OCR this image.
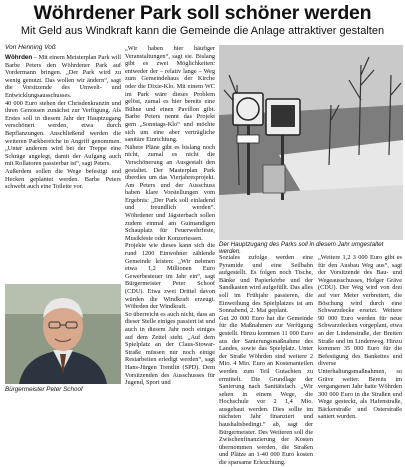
Wöhrdener Park soll schöner werden
Mit Geld aus Windkraft kann die Gemeinde die Anlage attraktiver gestalten
Von Henning Voß

Wöhrden – Mit einem Meisterplan Park will Barbe Peters den Wöhrdener Park auf Vordermann bringen. „Der Park wird zu wenig genutzt. Das wollen wir ändern“, sagt die Vorsitzende des Umwelt- und Entwicklungsausschusses.

40 000 Euro stehen der Chrisdenkranzin und ihren Genossen zunächst zur Verfügung. Als Erstes soll in diesem Jahr der Hauptzugang verschönert werden, etwa durch Bepflanzungen. Anschließend werden die weiteren Parkbereiche in Angriff genommen. „Unter anderem wird bei der Treppe eine Schräge angelegt, damit der Aufgang auch mit Rollatoren passierbar ist“, sagt Peters.

Außerdem sollen die Wege befestigt und Hecken geplantet werden. Barbe Peters schwebt auch eine Toilette vor.

„Wir haben hier häufiger Veranstaltungen“, sagt sie. Bislang gibt es zwei Möglichkeiten: entweder der – relativ lange – Weg zum Gemeindehaus der Kirche oder die Dixie-Klo. Mit einem WC im Park wäre dieses Problem gelöst, zumal es hier bereits eine Bühne und einen Pavillon gibt. Barbe Peters nennt das Projekt gern „Sonntags-Klo“ und möchte sich um eine aber verträgliche sanitäre Einrichtung.

Nähere Pläne gibt es bislang noch nicht, zumal es nicht die Verschönerung an Ausgestalt den gestaltet. Der Masterplan Park überdies um das Vierjahresprojekt. Am Peters und der Ausschuss haben klare Vorstellungen vom Ergebnis: „Der Park soll einladend und freundlich werden“. Wöhrdener und Jägsterbach sollen zudem einmal am Guimandigen Schauplatz für Feuerwehrfeste, Musikfeste oder Konzertessen.

Projekte wie dieses kann sich die rund 1200 Einwohner zählende Gemeinde leisten: „Wir nehmen etwa 1,2 Millionen Euro Gewerbesteuer im Jahr ein“, sagt Bürgermeister Peter Schoof (CDU). Etwa zwei Drittel davon würden die Windkraft erzeugt. Wöhrden der Windkraft.

So überreicht es auch nicht, dass an dieser Stelle einiges passiert ist und auch in diesem Jahr noch einiges auf dem Zettel steht. „Auf dem Spielplatz an der Claus-Stowar-Straße müssen nur noch einige Restarbeiten erledigt werden“, sagt Hans-Jürgen Trentlin (SPD). Dem Vorsitzenden des Ausschusses für Jugend, Sport und

Der Hauptzugang des Parks soll in diesem Jahr umgestaltet werden.

Soziales zufolge werden eine Pyramide und eine Seilbahn aufgestellt. Es folgen noch Tische, Bänke und Papierkörbe und der Sandkasten wird aufgefüllt. Das alles soll im Frühjahr passieren, die Einweihung des Spielplatzes ist am Sonnabend, 2. Mai geplant.

Gut 20 000 Euro hat die Gemeinde für die Maßnahmen zur Verfügung gestellt. Hinzu kommen 11 000 Euro aus der Sanierungsmaßnahme des Landes, sowie das Spielplatz. Unter der Straße Wöhrden sind weitere 2 Mio. 4 Mio. Euro an Kostenanteilen werden zum Teil Gutachten zu ermittelt. Die Grundlage der Sanierung nach Sanitätsfach. „Wir sehen in einem Wege, die Hochschule vor 2 1,4 Mio. ausgebaut werden. Dies sollte im nächsten Jahr finanziert und haushaltsbedingt.“ ab, sagt der Bürgermeister. Des Weiteren soll die Zwischenfinanzierung der Kosten übernommen werden, die Straßen und Plätze an 1-40 000 Euro kosten die sparsame Erleuchtung.

„Weitere 1,2 3 000 Euro gibt es für den Ausbau Weg aus“, sagt der Vorsitzende des Bau- und Wegeausschusses, Holger Gräve (CDU). Der Weg wird von drei auf vier Meter verbreitert, die Böschung wird durch eine Schwarzdecke ersetzt. Weitere 90 000 Euro werden für neue Schwarzdecken vorgeplant, etwa an der Lindenstraße, der Breiten Straße und im Lindenweg. Hinzu kommen 35 000 Euro für die Befestigung des Bankettes und diverse Unterhaltungsmaßnahmen, so Gräve weiter. Bereits im vergangenen Jahr hatte Wöhrden 300 000 Euro in die Straßen und Wege gesteckt, als Hafenstraße, Bäckerstraße und Osterstraße saniert wurden.

Bürgermeister Peter Schoof
